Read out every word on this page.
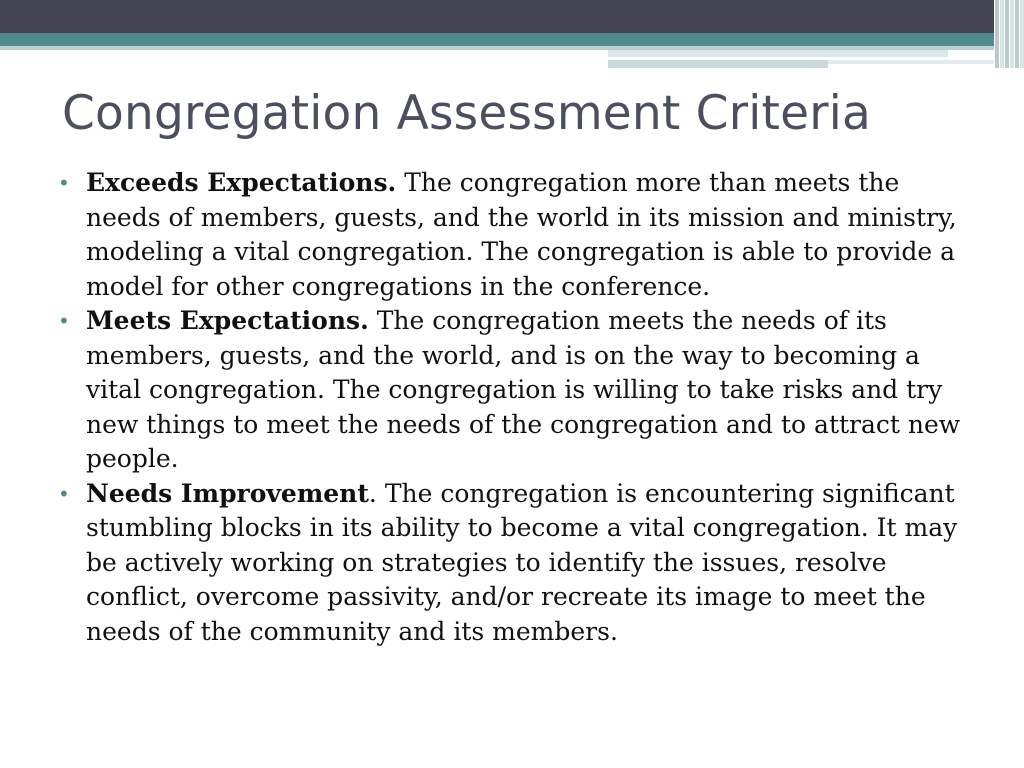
Congregation Assessment Criteria
• Exceeds Expectations. The congregation more than meets the needs of members, guests, and the world in its mission and ministry, modeling a vital congregation. The congregation is able to provide a model for other congregations in the conference.
• Meets Expectations. The congregation meets the needs of its members, guests, and the world, and is on the way to becoming a vital congregation. The congregation is willing to take risks and try new things to meet the needs of the congregation and to attract new people.
• Needs Improvement. The congregation is encountering significant stumbling blocks in its ability to become a vital congregation. It may be actively working on strategies to identify the issues, resolve conflict, overcome passivity, and/or recreate its image to meet the needs of the community and its members.
